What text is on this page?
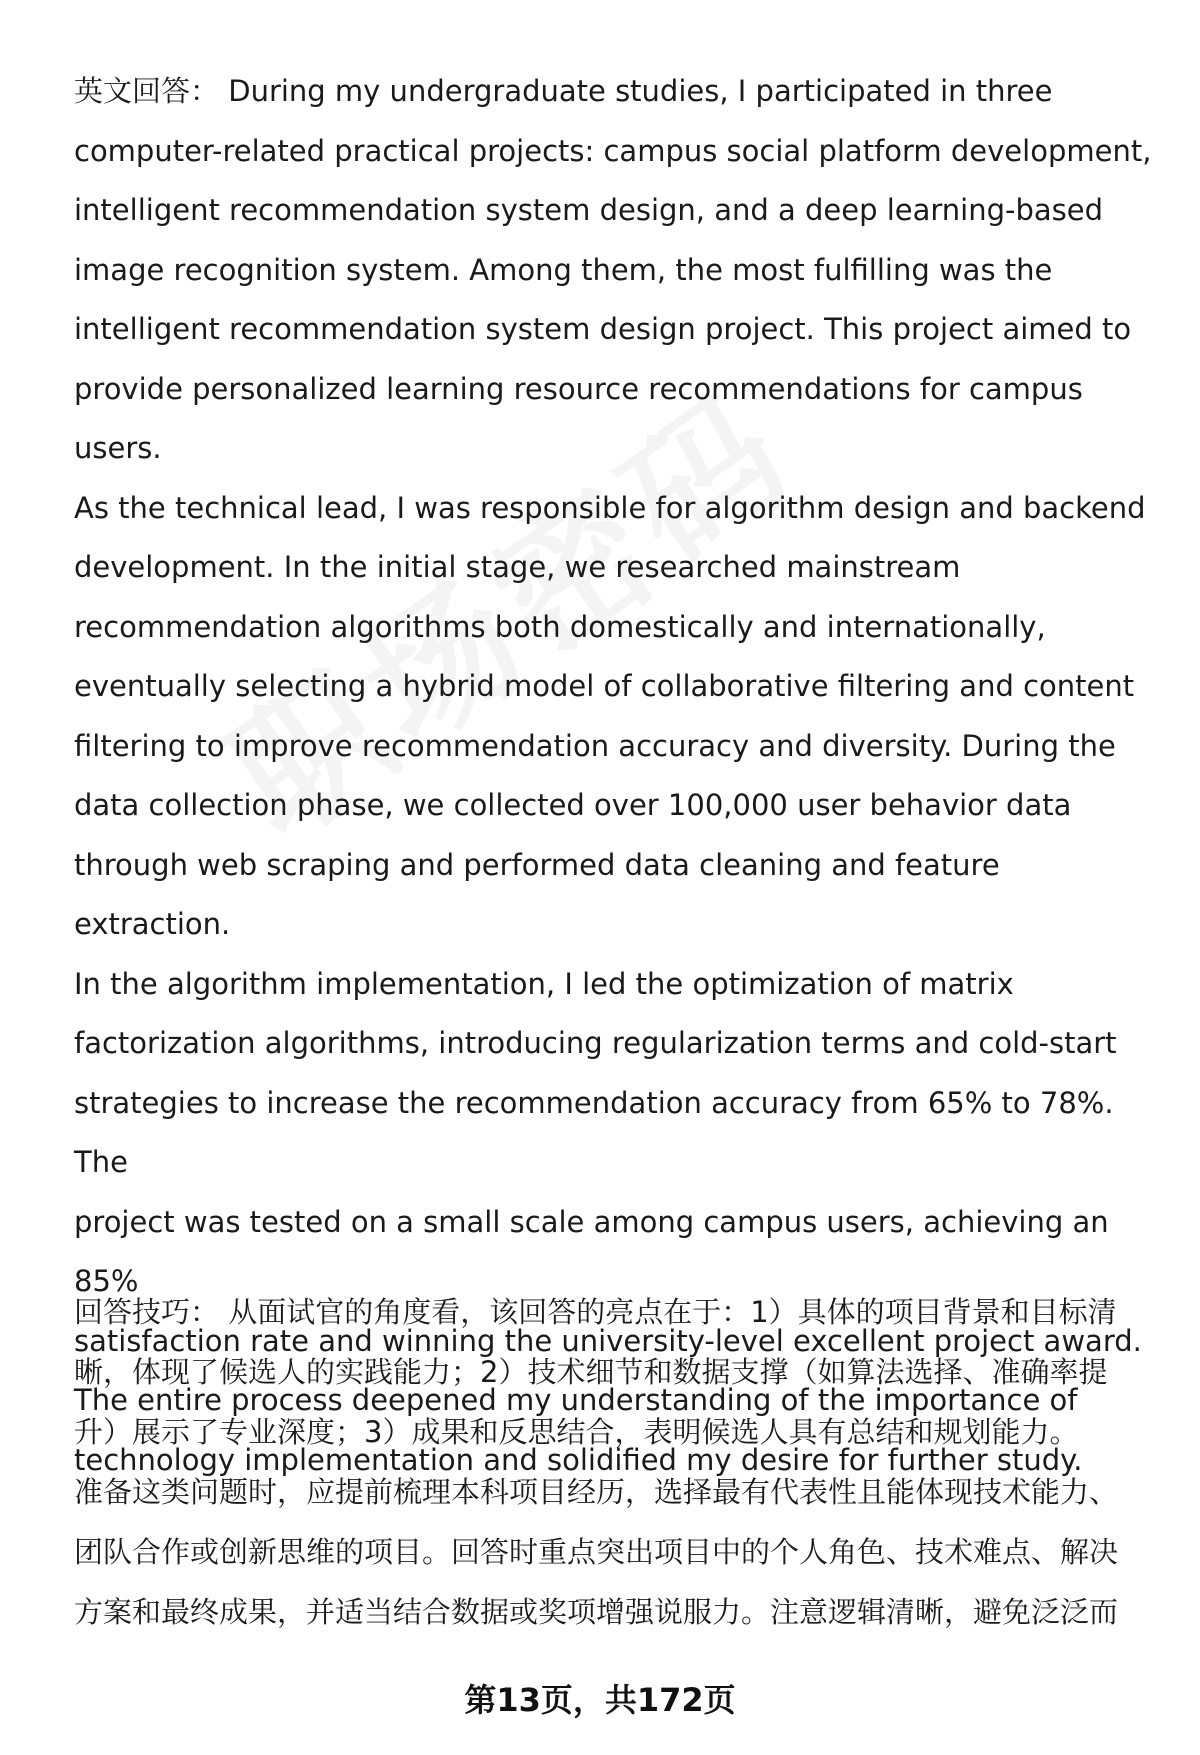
英文回答： During my undergraduate studies, I participated in three
computer-related practical projects: campus social platform development,
intelligent recommendation system design, and a deep learning-based
image recognition system. Among them, the most fulfilling was the
intelligent recommendation system design project. This project aimed to
provide personalized learning resource recommendations for campus users.
As the technical lead, I was responsible for algorithm design and backend
development. In the initial stage, we researched mainstream
recommendation algorithms both domestically and internationally,
eventually selecting a hybrid model of collaborative filtering and content
filtering to improve recommendation accuracy and diversity. During the
data collection phase, we collected over 100,000 user behavior data
through web scraping and performed data cleaning and feature extraction.
In the algorithm implementation, I led the optimization of matrix
factorization algorithms, introducing regularization terms and cold-start
strategies to increase the recommendation accuracy from 65% to 78%. The
project was tested on a small scale among campus users, achieving an 85%
satisfaction rate and winning the university-level excellent project award.
The entire process deepened my understanding of the importance of
technology implementation and solidified my desire for further study.
回答技巧： 从面试官的角度看，该回答的亮点在于：1）具体的项目背景和目标清
晰，体现了候选人的实践能力；2）技术细节和数据支撑（如算法选择、准确率提
升）展示了专业深度；3）成果和反思结合，表明候选人具有总结和规划能力。
准备这类问题时，应提前梳理本科项目经历，选择最有代表性且能体现技术能力、
团队合作或创新思维的项目。回答时重点突出项目中的个人角色、技术难点、解决
方案和最终成果，并适当结合数据或奖项增强说服力。注意逻辑清晰，避免泛泛而
第13页，共172页
